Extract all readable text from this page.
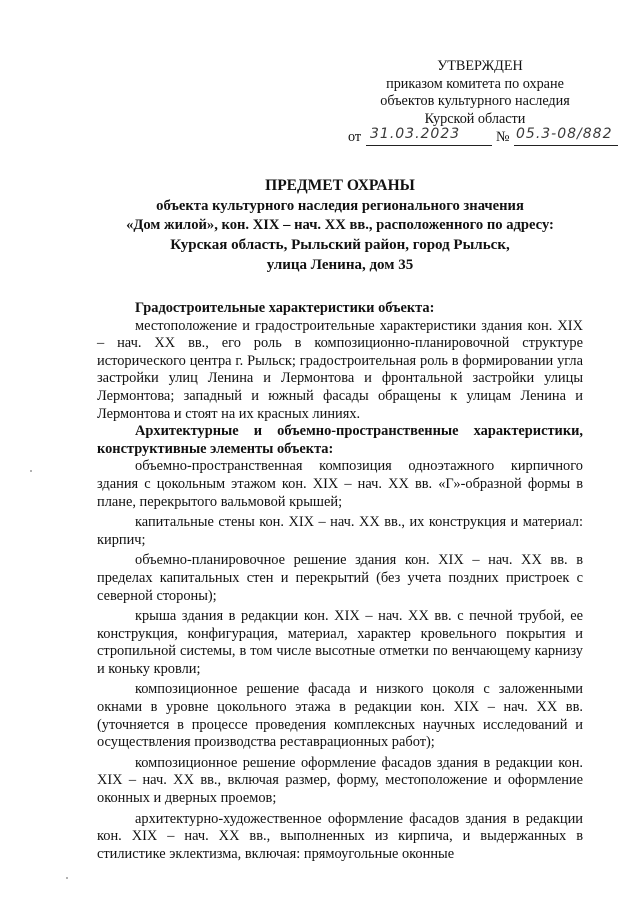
УТВЕРЖДЕН
приказом комитета по охране
объектов культурного наследия
Курской области
от 31.03.2023	№ 05.3-08/882
ПРЕДМЕТ ОХРАНЫ
объекта культурного наследия регионального значения
«Дом жилой», кон. XIX – нач. XX вв., расположенного по адресу:
Курская область, Рыльский район, город Рыльск,
улица Ленина, дом 35

Градостроительные характеристики объекта:

местоположение и градостроительные характеристики здания кон. XIX – нач. XX вв., его роль в композиционно-планировочной структуре исторического центра г. Рыльск; градостроительная роль в формировании угла застройки улиц Ленина и Лермонтова и фронтальной застройки улицы Лермонтова; западный и южный фасады обращены к улицам Ленина и Лермонтова и стоят на их красных линиях.

Архитектурные и объемно-пространственные характеристики, конструктивные элементы объекта:

объемно-пространственная композиция одноэтажного кирпичного здания с цокольным этажом кон. XIX – нач. XX вв. «Г»-образной формы в плане, перекрытого вальмовой крышей;

капитальные стены кон. XIX – нач. XX вв., их конструкция и материал: кирпич;

объемно-планировочное решение здания кон. XIX – нач. XX вв. в пределах капитальных стен и перекрытий (без учета поздних пристроек с северной стороны);

крыша здания в редакции кон. XIX – нач. XX вв. с печной трубой, ее конструкция, конфигурация, материал, характер кровельного покрытия и стропильной системы, в том числе высотные отметки по венчающему карнизу и коньку кровли;

композиционное решение фасада и низкого цоколя с заложенными окнами в уровне цокольного этажа в редакции кон. XIX – нач. XX вв. (уточняется в процессе проведения комплексных научных исследований и осуществления производства реставрационных работ);

композиционное решение оформление фасадов здания в редакции кон. XIX – нач. XX вв., включая размер, форму, местоположение и оформление оконных и дверных проемов;

архитектурно-художественное оформление фасадов здания в редакции кон. XIX – нач. XX вв., выполненных из кирпича, и выдержанных в стилистике эклектизма, включая: прямоугольные оконные
